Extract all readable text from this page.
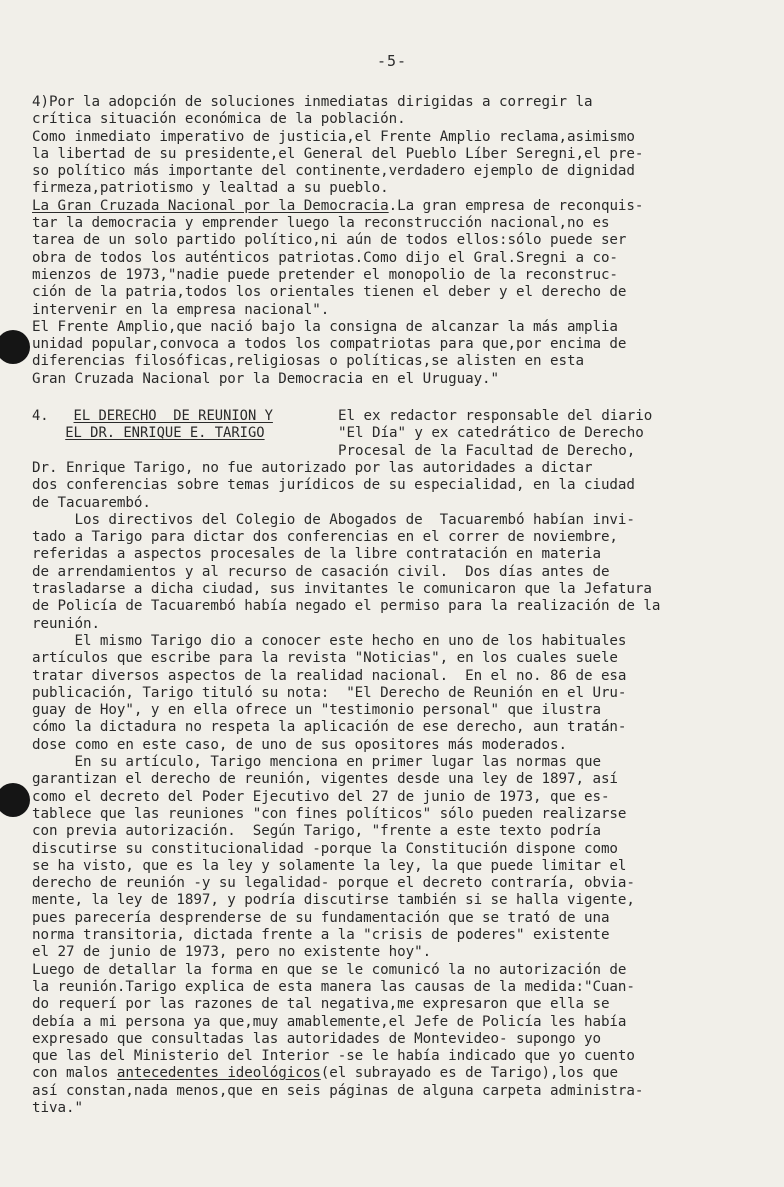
-5-
4)Por la adopción de soluciones inmediatas dirigidas a corregir la
crítica situación económica de la población.
Como inmediato imperativo de justicia,el Frente Amplio reclama,asimismo
la libertad de su presidente,el General del Pueblo Líber Seregni,el pre-
so político más importante del continente,verdadero ejemplo de dignidad
firmeza,patriotismo y lealtad a su pueblo.
La Gran Cruzada Nacional por la Democracia.La gran empresa de reconquis-
tar la democracia y emprender luego la reconstrucción nacional,no es
tarea de un solo partido político,ni aún de todos ellos:sólo puede ser
obra de todos los auténticos patriotas.Como dijo el Gral.Sregni a co-
mienzos de 1973,"nadie puede pretender el monopolio de la reconstruc-
ción de la patria,todos los orientales tienen el deber y el derecho de
intervenir en la empresa nacional".
El Frente Amplio,que nació bajo la consigna de alcanzar la más amplia
unidad popular,convoca a todos los compatriotas para que,por encima de
diferencias filosóficas,religiosas o políticas,se alisten en esta
Gran Cruzada Nacional por la Democracia en el Uruguay."
4. EL DERECHO  DE REUNION Y
EL DR. ENRIQUE E. TARIGO
El ex redactor responsable del diario
"El Día" y ex catedrático de Derecho
Procesal de la Facultad de Derecho,
Dr. Enrique Tarigo, no fue autorizado por las autoridades a dictar
dos conferencias sobre temas jurídicos de su especialidad, en la ciudad
de Tacuarembó.
Los directivos del Colegio de Abogados de  Tacuarembó habían invi-
tado a Tarigo para dictar dos conferencias en el correr de noviembre,
referidas a aspectos procesales de la libre contratación en materia
de arrendamientos y al recurso de casación civil.  Dos días antes de
trasladarse a dicha ciudad, sus invitantes le comunicaron que la Jefatura
de Policía de Tacuarembó había negado el permiso para la realización de la
reunión.
El mismo Tarigo dio a conocer este hecho en uno de los habituales
artículos que escribe para la revista "Noticias", en los cuales suele
tratar diversos aspectos de la realidad nacional.  En el no. 86 de esa
publicación, Tarigo tituló su nota:  "El Derecho de Reunión en el Uru-
guay de Hoy", y en ella ofrece un "testimonio personal" que ilustra
cómo la dictadura no respeta la aplicación de ese derecho, aun tratán-
dose como en este caso, de uno de sus opositores más moderados.
En su artículo, Tarigo menciona en primer lugar las normas que
garantizan el derecho de reunión, vigentes desde una ley de 1897, así
como el decreto del Poder Ejecutivo del 27 de junio de 1973, que es-
tablece que las reuniones "con fines políticos" sólo pueden realizarse
con previa autorización.  Según Tarigo, "frente a este texto podría
discutirse su constitucionalidad -porque la Constitución dispone como
se ha visto, que es la ley y solamente la ley, la que puede limitar el
derecho de reunión -y su legalidad- porque el decreto contraría, obvia-
mente, la ley de 1897, y podría discutirse también si se halla vigente,
pues parecería desprenderse de su fundamentación que se trató de una
norma transitoria, dictada frente a la "crisis de poderes" existente
el 27 de junio de 1973, pero no existente hoy".
Luego de detallar la forma en que se le comunicó la no autorización de
la reunión.Tarigo explica de esta manera las causas de la medida:"Cuan-
do requerí por las razones de tal negativa,me expresaron que ella se
debía a mi persona ya que,muy amablemente,el Jefe de Policía les había
expresado que consultadas las autoridades de Montevideo- supongo yo
que las del Ministerio del Interior -se le había indicado que yo cuento
con malos antecedentes ideológicos(el subrayado es de Tarigo),los que
así constan,nada menos,que en seis páginas de alguna carpeta administra-
tiva."
